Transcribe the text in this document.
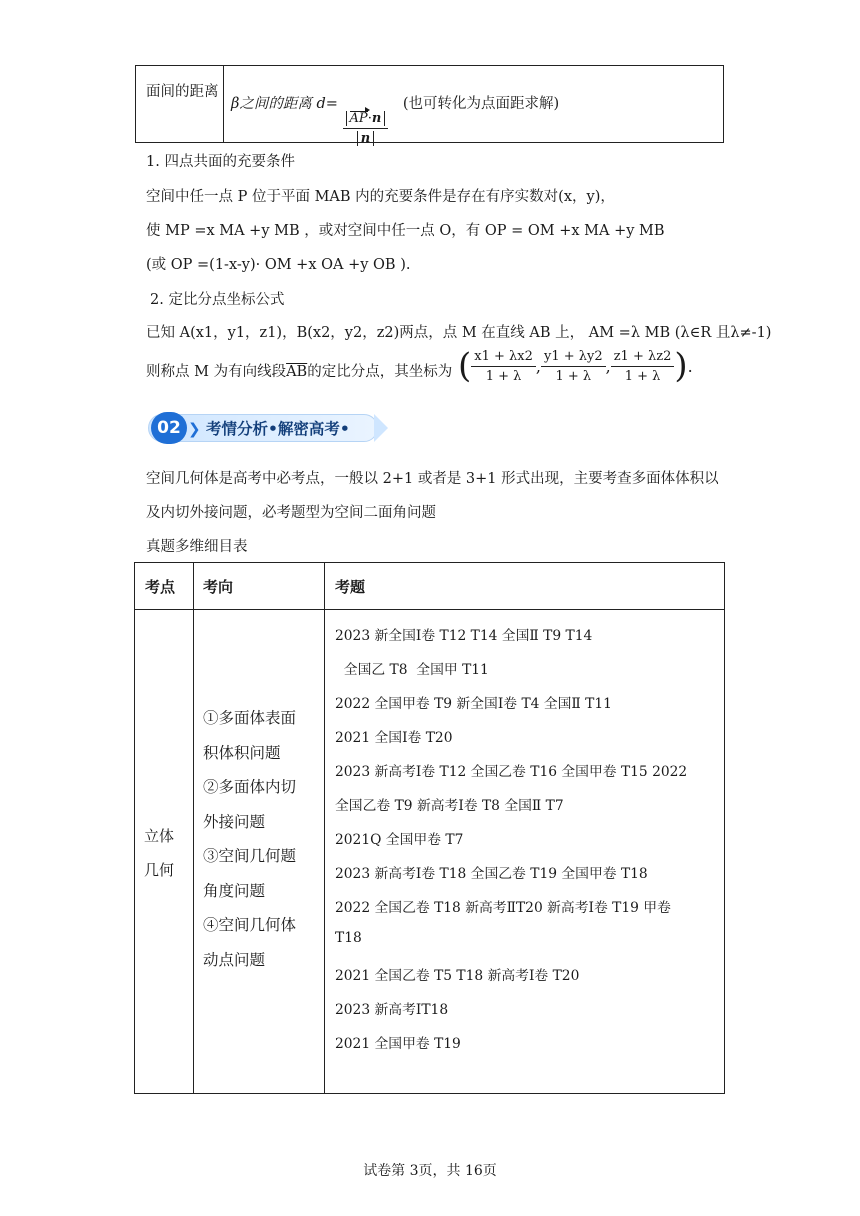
面间的距离
β之间的距离 d=
$\frac{AP\cdot n}{n}$
(也可转化为点面距求解)
1. 四点共面的充要条件
空间中任一点 P 位于平面 MAB 内的充要条件是存在有序实数对(x，y)，
使 MP =x MA +y MB ，或对空间中任一点 O，有 OP = OM +x MA +y MB
(或 OP =(1-x-y)· OM +x OA +y OB ).
2. 定比分点坐标公式
已知 A(x1，y1，z1)，B(x2，y2，z2)两点，点 M 在直线 AB 上， AM =λ MB (λ∈R 且λ≠-1)
则称点 M 为有向线段$\overline{AB}$的定比分点，其坐标为 ( $\frac{x1 + \lambda x2}{1 + \lambda}$ , $\frac{y1 + \lambda y2}{1 + \lambda}$ , $\frac{z1 + \lambda z2}{1 + \lambda}$ ) .
02 ❯ 考情分析•解密高考•
空间几何体是高考中必考点，一般以 2+1 或者是 3+1 形式出现，主要考查多面体体积以
及内切外接问题，必考题型为空间二面角问题
真题多维细目表
考点 考向	考题
立体
几何
①多面体表面
积体积问题
②多面体内切
外接问题
③空间几何题
角度问题
④空间几何体
动点问题
2023 新全国Ⅰ卷 T12 T14 全国Ⅱ T9 T14
全国乙 T8  全国甲 T11
2022 全国甲卷 T9 新全国Ⅰ卷 T4 全国Ⅱ T11
2021 全国Ⅰ卷 T20
2023 新高考Ⅰ卷 T12 全国乙卷 T16 全国甲卷 T15 2022
全国乙卷 T9 新高考Ⅰ卷 T8 全国Ⅱ T7
2021Q 全国甲卷 T7
2023 新高考Ⅰ卷 T18 全国乙卷 T19 全国甲卷 T18
2022 全国乙卷 T18 新高考ⅡT20 新高考Ⅰ卷 T19 甲卷
T18
2021 全国乙卷 T5 T18 新高考Ⅰ卷 T20
2023 新高考ⅠT18
2021 全国甲卷 T19
试卷第 3页，共 16页
